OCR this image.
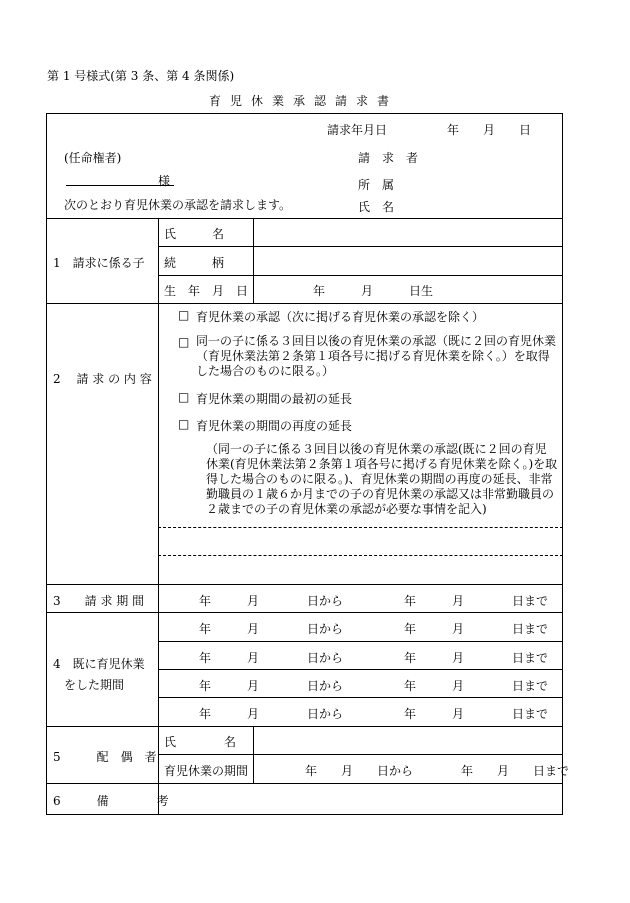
第 1 号様式(第 3 条、第 4 条関係)
育児休業承認請求書
請求年月日　　　　　年　　月　　日
(任命権者)	請　求　者
様	所　属
次のとおり育児休業の承認を請求します。	氏　名
1　請求に係る子
氏　　　名
続　　　柄
生　年　月　日	年　　　月　　　日生
2　 請 求 の 内 容
□ 育児休業の承認（次に掲げる育児休業の承認を除く）
□ 同一の子に係る３回目以後の育児休業の承認（既に２回の育児休業（育児休業法第２条第１項各号に掲げる育児休業を除く。）を取得した場合のものに限る。）
□ 育児休業の期間の最初の延長
□ 育児休業の期間の再度の延長
（同一の子に係る３回目以後の育児休業の承認(既に２回の育児休業(育児休業法第２条第１項各号に掲げる育児休業を除く。)を取得した場合のものに限る。)、育児休業の期間の再度の延長、非常勤職員の１歳６か月までの子の育児休業の承認又は非常勤職員の２歳までの子の育児休業の承認が必要な事情を記入)
3　　請 求 期 間	年　　　月　　　　日から	年　　　月　　　　日まで
4　既に育児休業
をした期間
年　　　月　　　　日から	年　　　月　　　　日まで
年　　　月　　　　日から	年　　　月　　　　日まで
年　　　月　　　　日から	年　　　月　　　　日まで
年　　　月　　　　日から	年　　　月　　　　日まで
5　　　配　偶　者
氏　　　　名
育児休業の期間	年　　月　　日から　　　　年　　月　　日まで
6　　　備　　　　考
